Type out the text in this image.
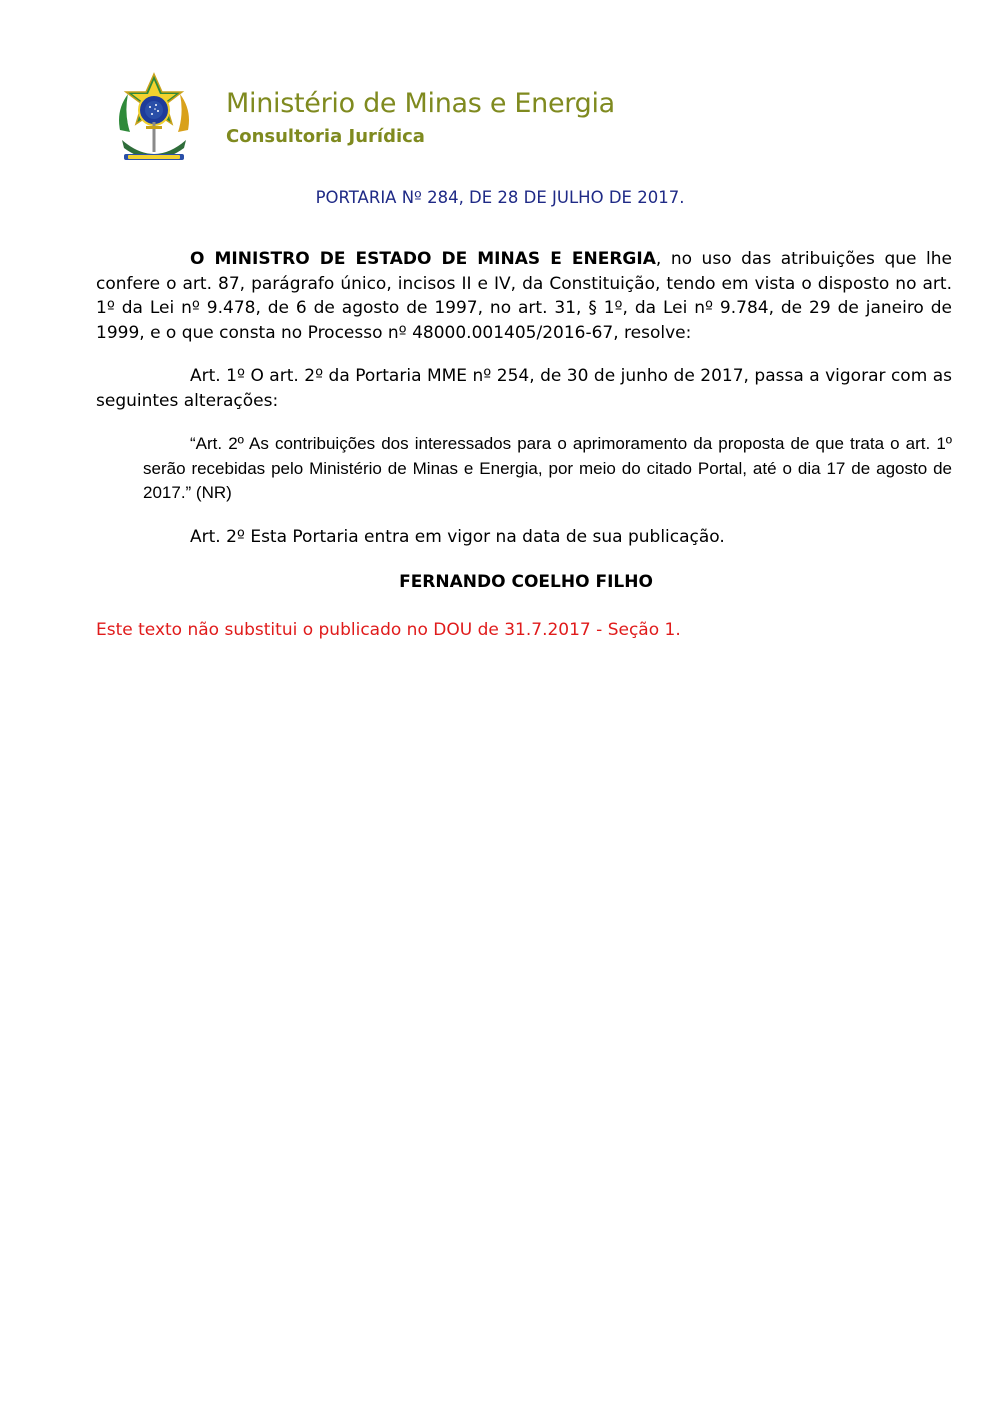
Ministério de Minas e Energia
Consultoria Jurídica
PORTARIA Nº 284, DE 28 DE JULHO DE 2017.

O MINISTRO DE ESTADO DE MINAS E ENERGIA, no uso das atribuições que lhe confere o art. 87, parágrafo único, incisos II e IV, da Constituição, tendo em vista o disposto no art. 1º da Lei nº 9.478, de 6 de agosto de 1997, no art. 31, § 1º, da Lei nº 9.784, de 29 de janeiro de 1999, e o que consta no Processo nº 48000.001405/2016-67, resolve:

Art. 1º O art. 2º da Portaria MME nº 254, de 30 de junho de 2017, passa a vigorar com as seguintes alterações:

“Art. 2º As contribuições dos interessados para o aprimoramento da proposta de que trata o art. 1º serão recebidas pelo Ministério de Minas e Energia, por meio do citado Portal, até o dia 17 de agosto de 2017.” (NR)

Art. 2º Esta Portaria entra em vigor na data de sua publicação.

FERNANDO COELHO FILHO
Este texto não substitui o publicado no DOU de 31.7.2017 - Seção 1.
